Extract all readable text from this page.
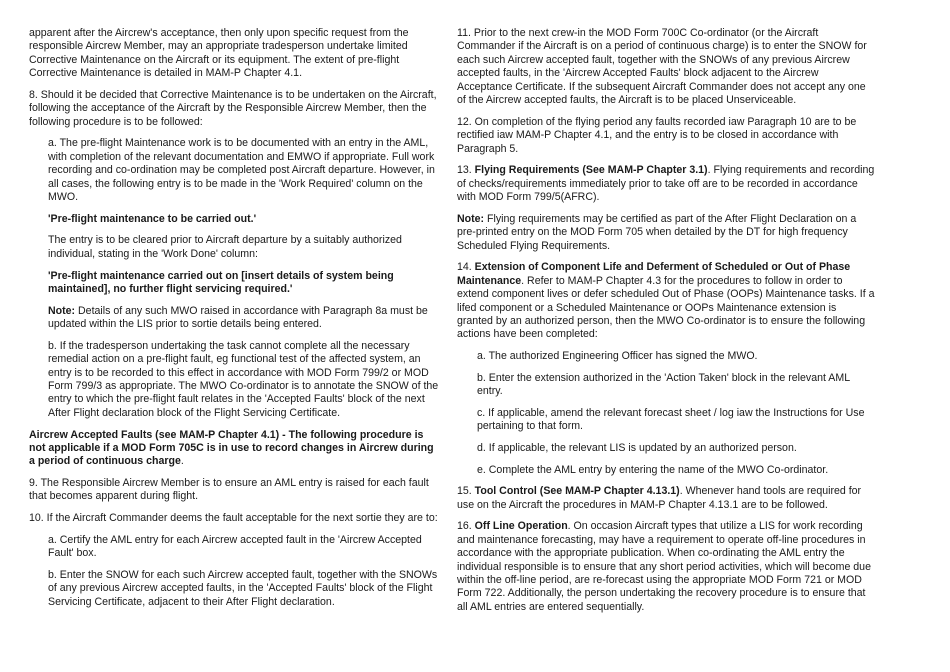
apparent after the Aircrew's acceptance, then only upon specific request from the responsible Aircrew Member, may an appropriate tradesperson undertake limited Corrective Maintenance on the Aircraft or its equipment. The extent of pre-flight Corrective Maintenance is detailed in MAM-P Chapter 4.1.

8. Should it be decided that Corrective Maintenance is to be undertaken on the Aircraft, following the acceptance of the Aircraft by the Responsible Aircrew Member, then the following procedure is to be followed:

a. The pre-flight Maintenance work is to be documented with an entry in the AML, with completion of the relevant documentation and EMWO if appropriate. Full work recording and co-ordination may be completed post Aircraft departure. However, in all cases, the following entry is to be made in the 'Work Required' column on the MWO.

'Pre-flight maintenance to be carried out.'

The entry is to be cleared prior to Aircraft departure by a suitably authorized individual, stating in the 'Work Done' column:

'Pre-flight maintenance carried out on [insert details of system being maintained], no further flight servicing required.'

Note: Details of any such MWO raised in accordance with Paragraph 8a must be updated within the LIS prior to sortie details being entered.

b. If the tradesperson undertaking the task cannot complete all the necessary remedial action on a pre-flight fault, eg functional test of the affected system, an entry is to be recorded to this effect in accordance with MOD Form 799/2 or MOD Form 799/3 as appropriate. The MWO Co-ordinator is to annotate the SNOW of the entry to which the pre-flight fault relates in the 'Accepted Faults' block of the next After Flight declaration block of the Flight Servicing Certificate.

Aircrew Accepted Faults (see MAM-P Chapter 4.1) - The following procedure is not applicable if a MOD Form 705C is in use to record changes in Aircrew during a period of continuous charge.

9. The Responsible Aircrew Member is to ensure an AML entry is raised for each fault that becomes apparent during flight.

10. If the Aircraft Commander deems the fault acceptable for the next sortie they are to:

a. Certify the AML entry for each Aircrew accepted fault in the 'Aircrew Accepted Fault' box.

b. Enter the SNOW for each such Aircrew accepted fault, together with the SNOWs of any previous Aircrew accepted faults, in the 'Accepted Faults' block of the Flight Servicing Certificate, adjacent to their After Flight declaration.

11. Prior to the next crew-in the MOD Form 700C Co-ordinator (or the Aircraft Commander if the Aircraft is on a period of continuous charge) is to enter the SNOW for each such Aircrew accepted fault, together with the SNOWs of any previous Aircrew accepted faults, in the 'Aircrew Accepted Faults' block adjacent to the Aircrew Acceptance Certificate. If the subsequent Aircraft Commander does not accept any one of the Aircrew accepted faults, the Aircraft is to be placed Unserviceable.

12. On completion of the flying period any faults recorded iaw Paragraph 10 are to be rectified iaw MAM-P Chapter 4.1, and the entry is to be closed in accordance with Paragraph 5.

13. Flying Requirements (See MAM-P Chapter 3.1). Flying requirements and recording of checks/requirements immediately prior to take off are to be recorded in accordance with MOD Form 799/5(AFRC).

Note: Flying requirements may be certified as part of the After Flight Declaration on a pre-printed entry on the MOD Form 705 when detailed by the DT for high frequency Scheduled Flying Requirements.

14. Extension of Component Life and Deferment of Scheduled or Out of Phase Maintenance. Refer to MAM-P Chapter 4.3 for the procedures to follow in order to extend component lives or defer scheduled Out of Phase (OOPs) Maintenance tasks. If a lifed component or a Scheduled Maintenance or OOPs Maintenance extension is granted by an authorized person, then the MWO Co-ordinator is to ensure the following actions have been completed:

a. The authorized Engineering Officer has signed the MWO.

b. Enter the extension authorized in the 'Action Taken' block in the relevant AML entry.

c. If applicable, amend the relevant forecast sheet / log iaw the Instructions for Use pertaining to that form.

d. If applicable, the relevant LIS is updated by an authorized person.

e. Complete the AML entry by entering the name of the MWO Co-ordinator.

15. Tool Control (See MAM-P Chapter 4.13.1). Whenever hand tools are required for use on the Aircraft the procedures in MAM-P Chapter 4.13.1 are to be followed.

16. Off Line Operation. On occasion Aircraft types that utilize a LIS for work recording and maintenance forecasting, may have a requirement to operate off-line procedures in accordance with the appropriate publication. When co-ordinating the AML entry the individual responsible is to ensure that any short period activities, which will become due within the off-line period, are re-forecast using the appropriate MOD Form 721 or MOD Form 722. Additionally, the person undertaking the recovery procedure is to ensure that all AML entries are entered sequentially.
